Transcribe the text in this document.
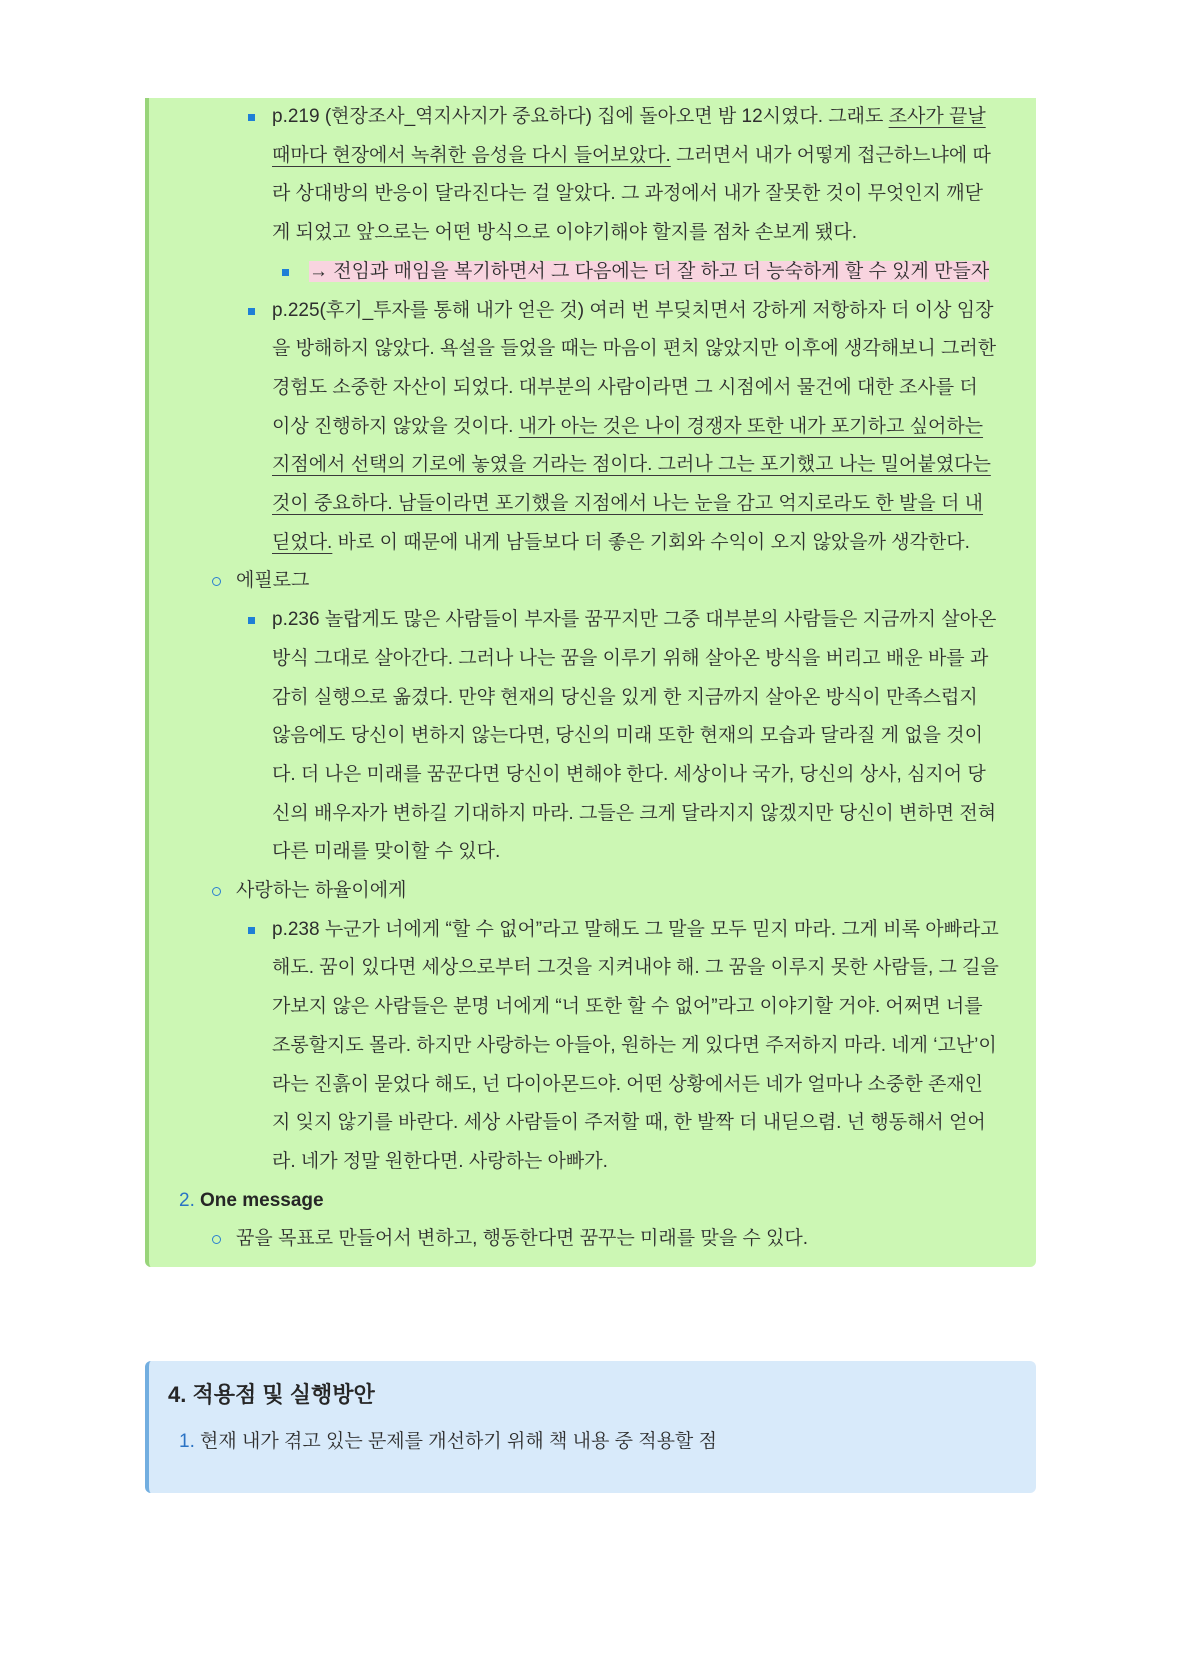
p.219 (현장조사_역지사지가 중요하다) 집에 돌아오면 밤 12시였다. 그래도 조사가 끝날 때마다 현장에서 녹취한 음성을 다시 들어보았다. 그러면서 내가 어떻게 접근하느냐에 따라 상대방의 반응이 달라진다는 걸 알았다. 그 과정에서 내가 잘못한 것이 무엇인지 깨닫게 되었고 앞으로는 어떤 방식으로 이야기해야 할지를 점차 손보게 됐다.
→ 전임과 매임을 복기하면서 그 다음에는 더 잘 하고 더 능숙하게 할 수 있게 만들자
p.225(후기_투자를 통해 내가 얻은 것) 여러 번 부딪치면서 강하게 저항하자 더 이상 임장을 방해하지 않았다. 욕설을 들었을 때는 마음이 편치 않았지만 이후에 생각해보니 그러한 경험도 소중한 자산이 되었다. 대부분의 사람이라면 그 시점에서 물건에 대한 조사를 더 이상 진행하지 않았을 것이다. 내가 아는 것은 나이 경쟁자 또한 내가 포기하고 싶어하는 지점에서 선택의 기로에 놓였을 거라는 점이다. 그러나 그는 포기했고 나는 밀어붙였다는 것이 중요하다. 남들이라면 포기했을 지점에서 나는 눈을 감고 억지로라도 한 발을 더 내딛었다. 바로 이 때문에 내게 남들보다 더 좋은 기회와 수익이 오지 않았을까 생각한다.
에필로그
p.236 놀랍게도 많은 사람들이 부자를 꿈꾸지만 그중 대부분의 사람들은 지금까지 살아온 방식 그대로 살아간다. 그러나 나는 꿈을 이루기 위해 살아온 방식을 버리고 배운 바를 과감히 실행으로 옮겼다. 만약 현재의 당신을 있게 한 지금까지 살아온 방식이 만족스럽지 않음에도 당신이 변하지 않는다면, 당신의 미래 또한 현재의 모습과 달라질 게 없을 것이다. 더 나은 미래를 꿈꾼다면 당신이 변해야 한다. 세상이나 국가, 당신의 상사, 심지어 당신의 배우자가 변하길 기대하지 마라. 그들은 크게 달라지지 않겠지만 당신이 변하면 전혀 다른 미래를 맞이할 수 있다.
사랑하는 하율이에게
p.238 누군가 너에게 “할 수 없어”라고 말해도 그 말을 모두 믿지 마라. 그게 비록 아빠라고 해도. 꿈이 있다면 세상으로부터 그것을 지켜내야 해. 그 꿈을 이루지 못한 사람들, 그 길을 가보지 않은 사람들은 분명 너에게 “너 또한 할 수 없어”라고 이야기할 거야. 어쩌면 너를 조롱할지도 몰라. 하지만 사랑하는 아들아, 원하는 게 있다면 주저하지 마라. 네게 ‘고난’이라는 진흙이 묻었다 해도, 넌 다이아몬드야. 어떤 상황에서든 네가 얼마나 소중한 존재인지 잊지 않기를 바란다. 세상 사람들이 주저할 때, 한 발짝 더 내딛으렴. 넌 행동해서 얻어라. 네가 정말 원한다면. 사랑하는 아빠가.
2. One message
꿈을 목표로 만들어서 변하고, 행동한다면 꿈꾸는 미래를 맞을 수 있다.
4. 적용점 및 실행방안
1. 현재 내가 겪고 있는 문제를 개선하기 위해 책 내용 중 적용할 점
